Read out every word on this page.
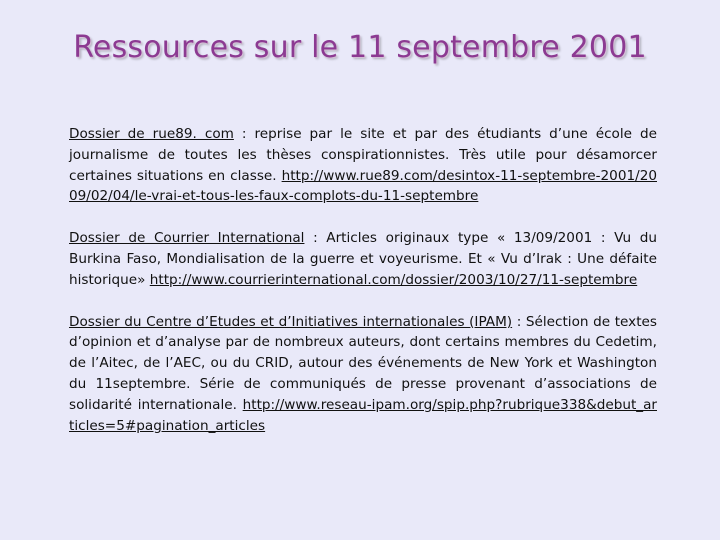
Ressources sur le 11 septembre 2001

Dossier de rue89. com : reprise par le site et par des étudiants d’une école de journalisme de toutes les thèses conspirationnistes. Très utile pour désamorcer certaines situations en classe. http://www.rue89.com/desintox-11-septembre-2001/2009/02/04/le-vrai-et-tous-les-faux-complots-du-11-septembre

Dossier de Courrier International : Articles originaux type « 13/09/2001 : Vu du Burkina Faso, Mondialisation de la guerre et voyeurisme. Et « Vu d’Irak : Une défaite historique» http://www.courrierinternational.com/dossier/2003/10/27/11-septembre

Dossier du Centre d’Etudes et d’Initiatives internationales (IPAM) : Sélection de textes d’opinion et d’analyse par de nombreux auteurs, dont certains membres du Cedetim, de l’Aitec, de l’AEC, ou du CRID, autour des événements de New York et Washington du 11septembre. Série de communiqués de presse provenant d’associations de solidarité internationale. http://www.reseau-ipam.org/spip.php?rubrique338&debut_articles=5#pagination_articles
